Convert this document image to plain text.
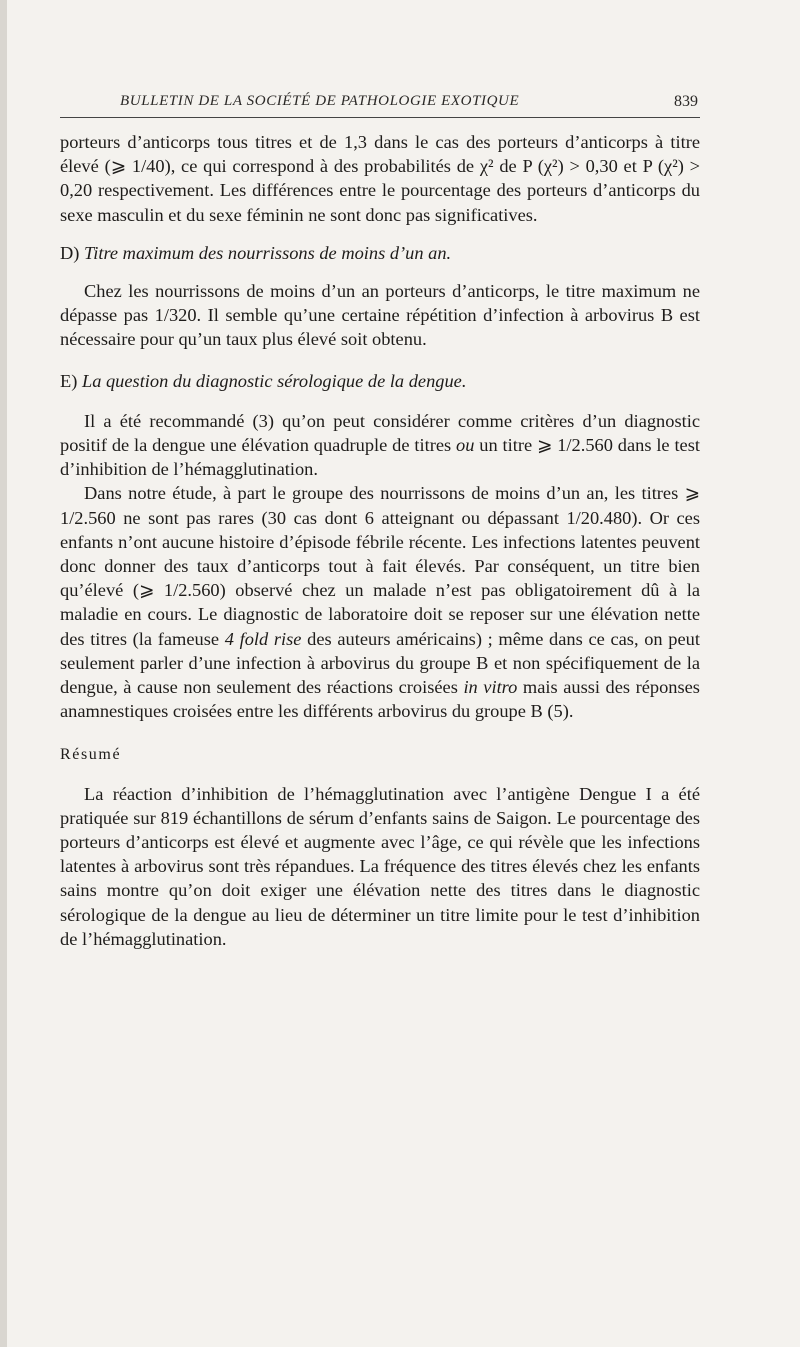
BULLETIN DE LA SOCIÉTÉ DE PATHOLOGIE EXOTIQUE	839

porteurs d’anticorps tous titres et de 1,3 dans le cas des porteurs d’anticorps à titre élevé (⩾ 1/40), ce qui correspond à des probabilités de χ² de P (χ²) > 0,30 et P (χ²) > 0,20 respectivement. Les différences entre le pourcentage des porteurs d’anticorps du sexe masculin et du sexe féminin ne sont donc pas significatives.

D) Titre maximum des nourrissons de moins d’un an.

Chez les nourrissons de moins d’un an porteurs d’anticorps, le titre maximum ne dépasse pas 1/320. Il semble qu’une certaine répétition d’infection à arbovirus B est nécessaire pour qu’un taux plus élevé soit obtenu.

E) La question du diagnostic sérologique de la dengue.

Il a été recommandé (3) qu’on peut considérer comme critères d’un diagnostic positif de la dengue une élévation quadruple de titres ou un titre ⩾ 1/2.560 dans le test d’inhibition de l’hémagglutination.

Dans notre étude, à part le groupe des nourrissons de moins d’un an, les titres ⩾ 1/2.560 ne sont pas rares (30 cas dont 6 atteignant ou dépassant 1/20.480). Or ces enfants n’ont aucune histoire d’épisode fébrile récente. Les infections latentes peuvent donc donner des taux d’anticorps tout à fait élevés. Par conséquent, un titre bien qu’élevé (⩾ 1/2.560) observé chez un malade n’est pas obligatoirement dû à la maladie en cours. Le diagnostic de laboratoire doit se reposer sur une élévation nette des titres (la fameuse 4 fold rise des auteurs américains) ; même dans ce cas, on peut seulement parler d’une infection à arbovirus du groupe B et non spécifiquement de la dengue, à cause non seulement des réactions croisées in vitro mais aussi des réponses anamnestiques croisées entre les différents arbovirus du groupe B (5).

Résumé

La réaction d’inhibition de l’hémagglutination avec l’antigène Dengue I a été pratiquée sur 819 échantillons de sérum d’enfants sains de Saigon. Le pourcentage des porteurs d’anticorps est élevé et augmente avec l’âge, ce qui révèle que les infections latentes à arbovirus sont très répandues. La fréquence des titres élevés chez les enfants sains montre qu’on doit exiger une élévation nette des titres dans le diagnostic sérologique de la dengue au lieu de déterminer un titre limite pour le test d’inhibition de l’hémagglutination.
